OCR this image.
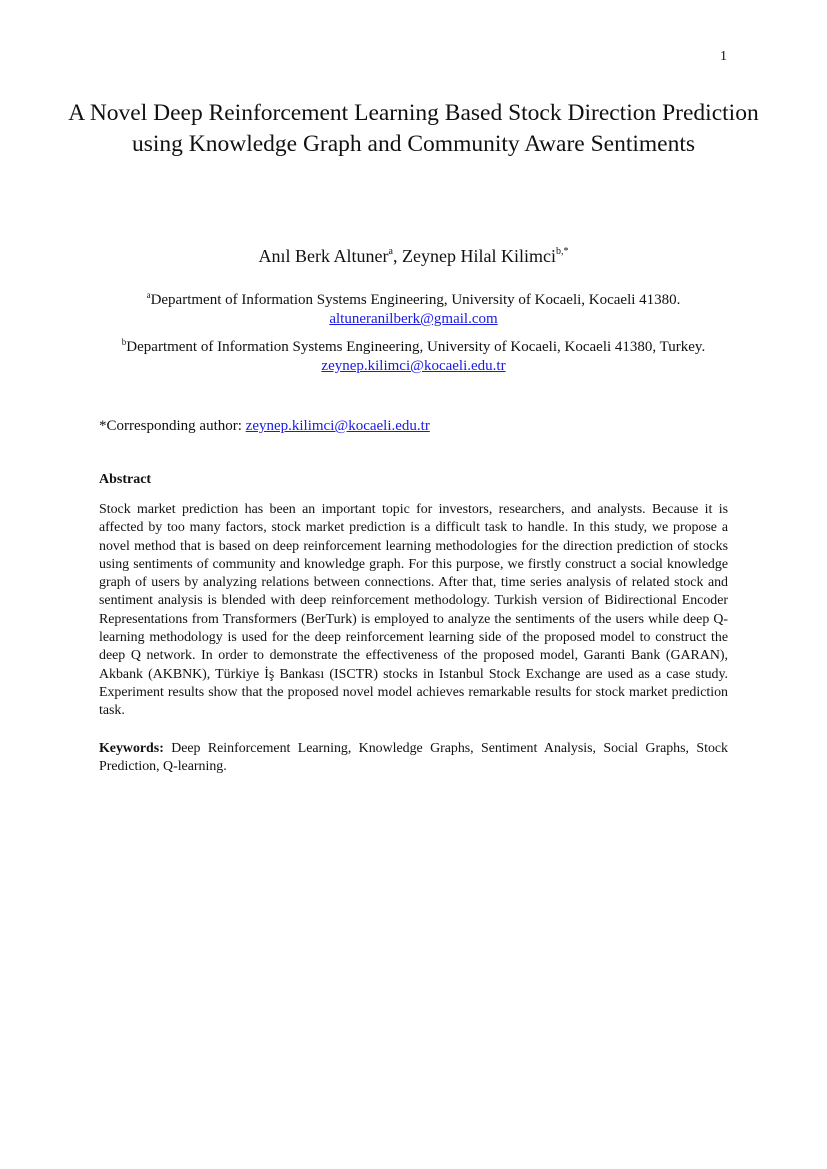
1
A Novel Deep Reinforcement Learning Based Stock Direction Prediction using Knowledge Graph and Community Aware Sentiments
Anıl Berk Altuner$^a$, Zeynep Hilal Kilimci$^{b,*}$
$^a$Department of Information Systems Engineering, University of Kocaeli, Kocaeli 41380.
altuneranilberk@gmail.com
$^b$Department of Information Systems Engineering, University of Kocaeli, Kocaeli 41380, Turkey. zeynep.kilimci@kocaeli.edu.tr
*Corresponding author: zeynep.kilimci@kocaeli.edu.tr
Abstract

Stock market prediction has been an important topic for investors, researchers, and analysts. Because it is affected by too many factors, stock market prediction is a difficult task to handle. In this study, we propose a novel method that is based on deep reinforcement learning methodologies for the direction prediction of stocks using sentiments of community and knowledge graph. For this purpose, we firstly construct a social knowledge graph of users by analyzing relations between connections. After that, time series analysis of related stock and sentiment analysis is blended with deep reinforcement methodology. Turkish version of Bidirectional Encoder Representations from Transformers (BerTurk) is employed to analyze the sentiments of the users while deep Q-learning methodology is used for the deep reinforcement learning side of the proposed model to construct the deep Q network. In order to demonstrate the effectiveness of the proposed model, Garanti Bank (GARAN), Akbank (AKBNK), Türkiye İş Bankası (ISCTR) stocks in Istanbul Stock Exchange are used as a case study. Experiment results show that the proposed novel model achieves remarkable results for stock market prediction task.

Keywords: Deep Reinforcement Learning, Knowledge Graphs, Sentiment Analysis, Social Graphs, Stock Prediction, Q-learning.
